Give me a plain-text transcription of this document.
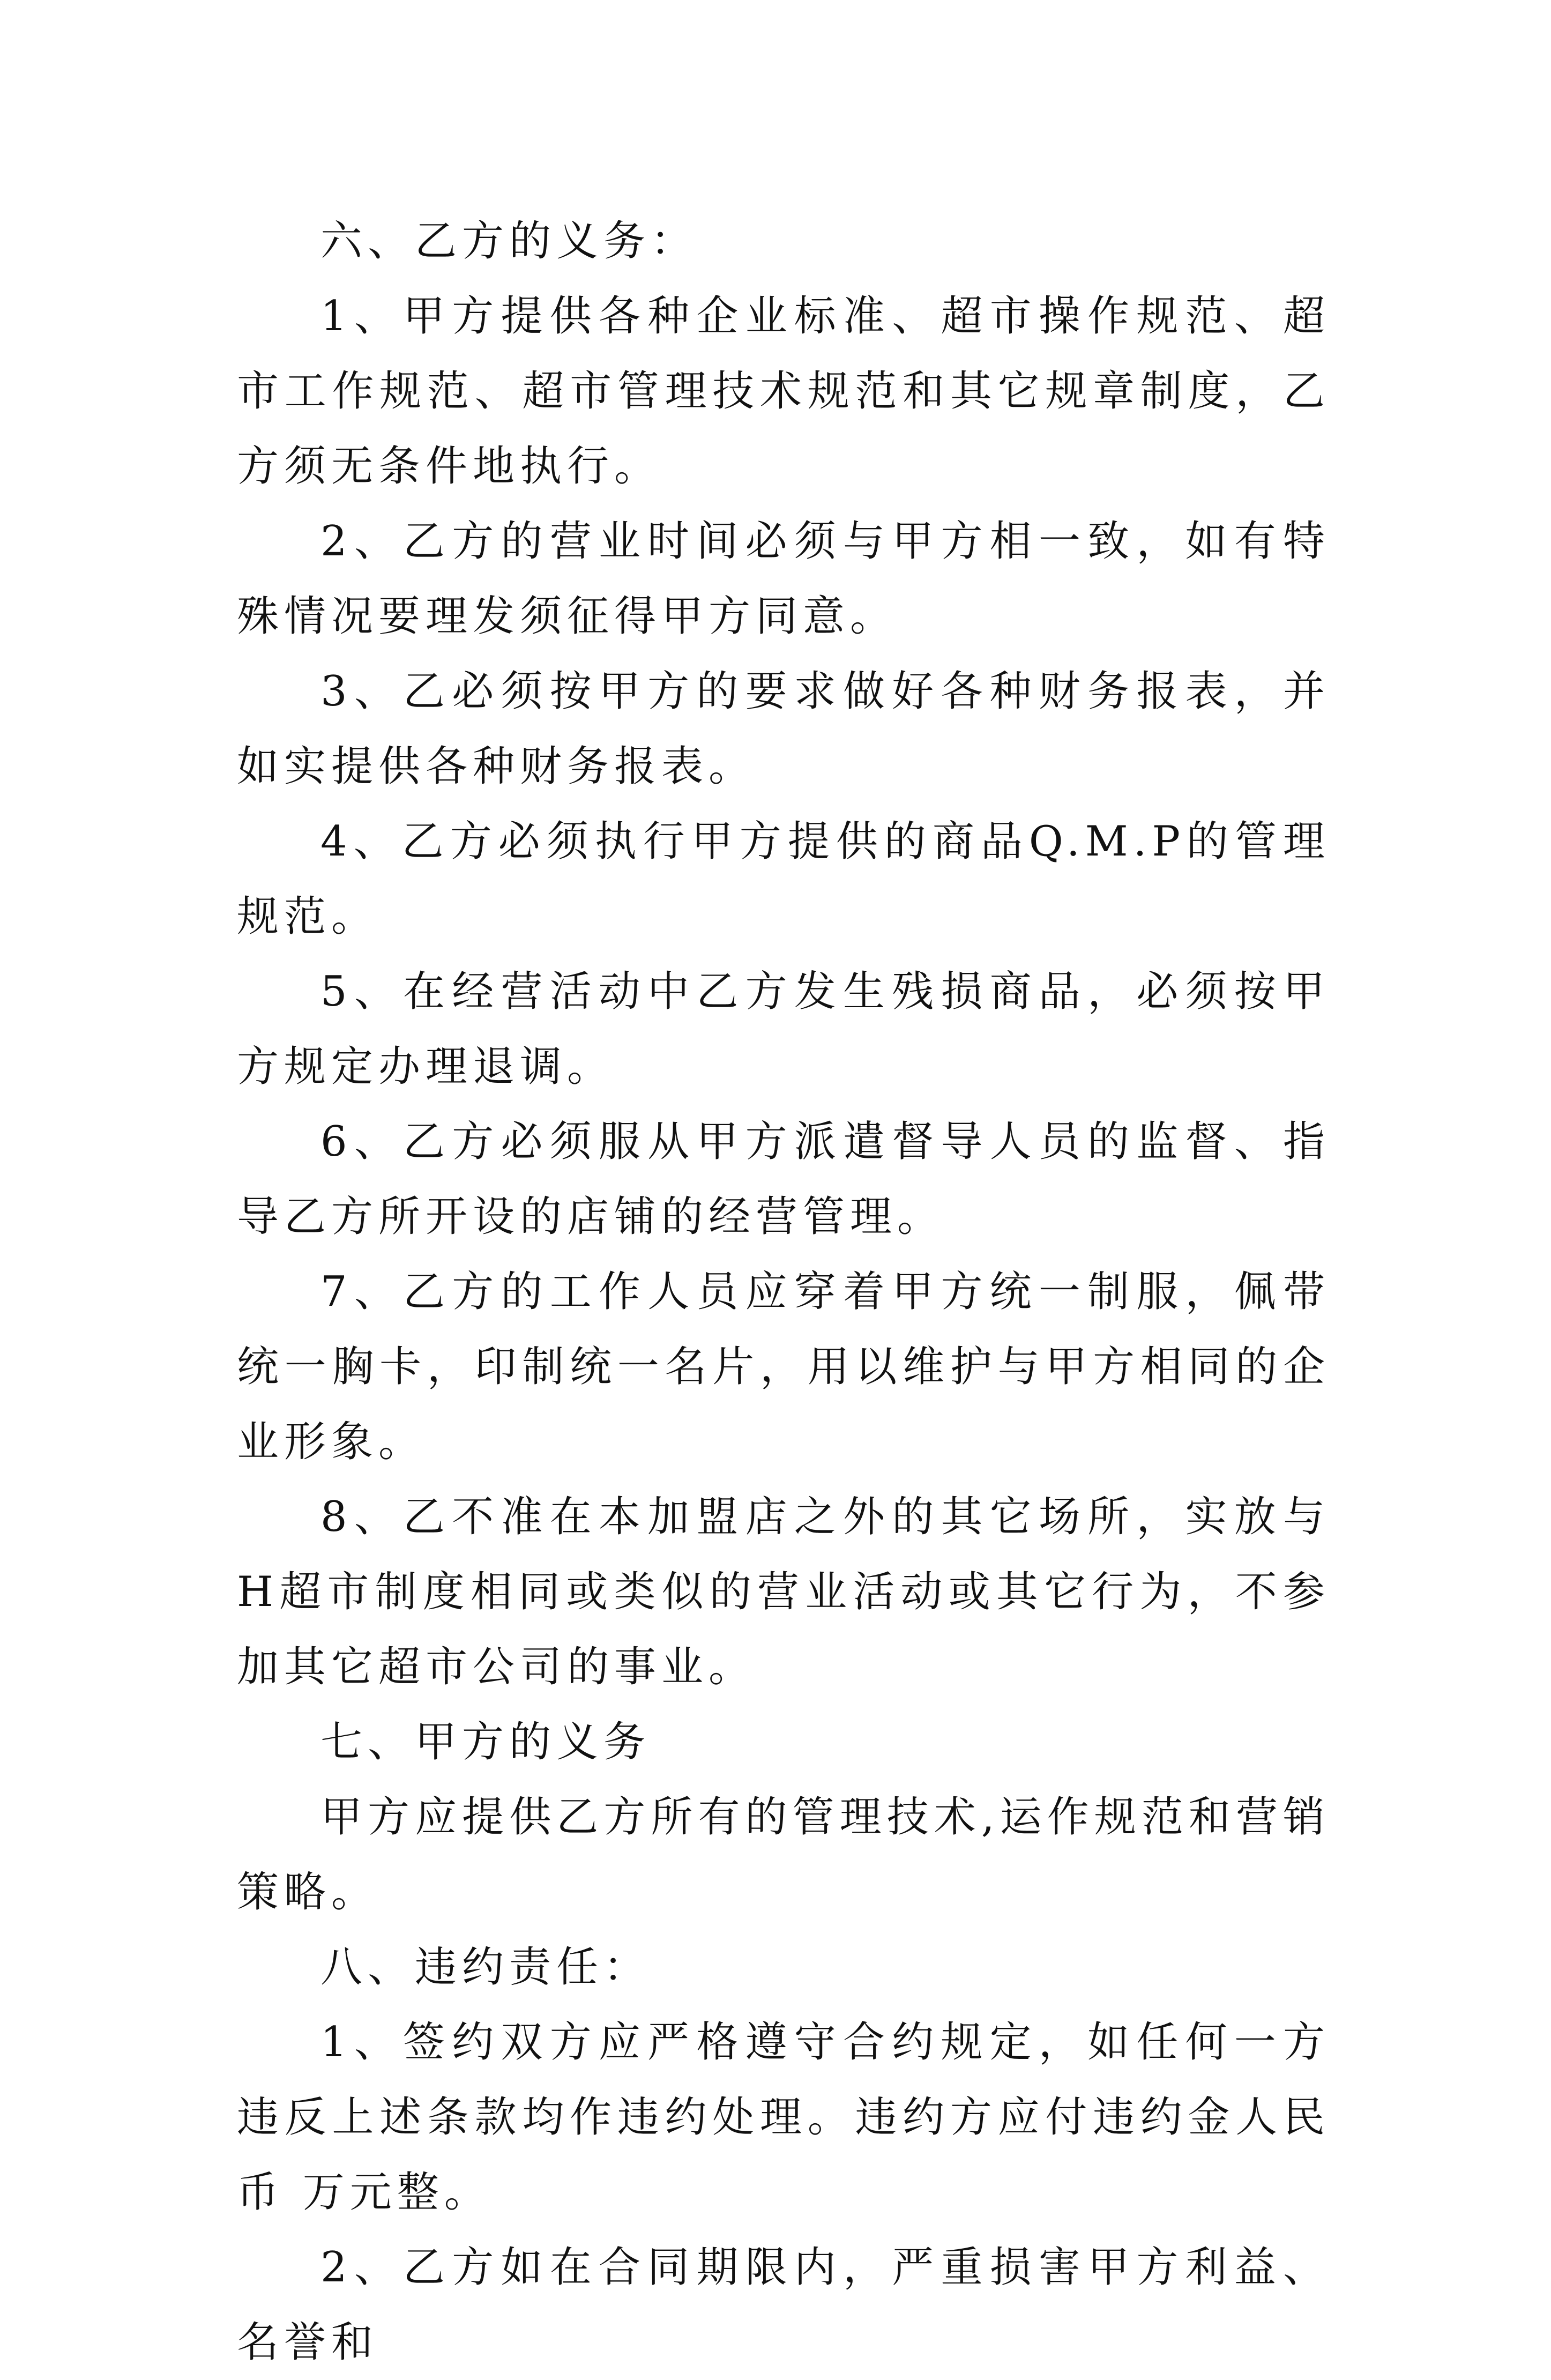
六、乙方的义务：

1、甲方提供各种企业标准、超市操作规范、超市工作规范、超市管理技术规范和其它规章制度，乙方须无条件地执行。

2、乙方的营业时间必须与甲方相一致，如有特殊情况要理发须征得甲方同意。

3、乙必须按甲方的要求做好各种财务报表，并如实提供各种财务报表。

4、乙方必须执行甲方提供的商品Q.M.P的管理规范。

5、在经营活动中乙方发生残损商品，必须按甲方规定办理退调。

6、乙方必须服从甲方派遣督导人员的监督、指导乙方所开设的店铺的经营管理。

7、乙方的工作人员应穿着甲方统一制服，佩带统一胸卡，印制统一名片，用以维护与甲方相同的企业形象。

8、乙不准在本加盟店之外的其它场所，实放与H超市制度相同或类似的营业活动或其它行为，不参加其它超市公司的事业。

七、甲方的义务

甲方应提供乙方所有的管理技术,运作规范和营销策略。

八、违约责任：

1、签约双方应严格遵守合约规定，如任何一方违反上述条款均作违约处理。违约方应付违约金人民币 万元整。

2、乙方如在合同期限内，严重损害甲方利益、名誉和
